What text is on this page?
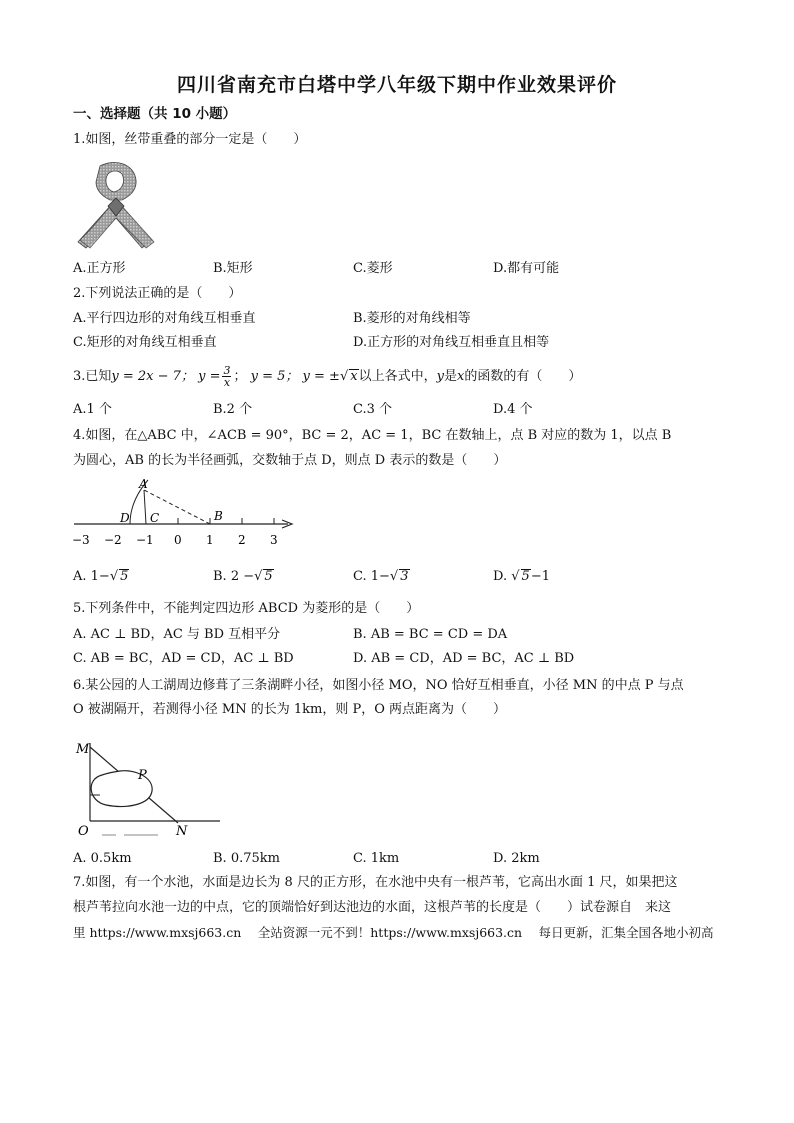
四川省南充市白塔中学八年级下期中作业效果评价
一、选择题（共 10 小题）
1.如图，丝带重叠的部分一定是（　　）
A.正方形	B.矩形	C.菱形	D.都有可能
2.下列说法正确的是（　　）
A.平行四边形的对角线互相垂直	B.菱形的对角线相等
C.矩形的对角线互相垂直	D.正方形的对角线互相垂直且相等
3.已知y = 2x − 7； $y = \frac{3}{x}$ ； y = 5； y = ±√ x以上各式中，y是x的函数的有（　　）
A.1 个	B.2 个	C.3 个	D.4 个
4.如图，在△ABC 中，∠ACB = 90°，BC = 2，AC = 1，BC 在数轴上，点 B 对应的数为 1，以点 B
为圆心，AB 的长为半径画弧，交数轴于点 D，则点 D 表示的数是（　　）
A
B
C
D
−3 −2 −1 0 1 2 3
A. 1−√ 5	B. 2 −√ 5	C. 1−√ 3	D. √ 5−1
5.下列条件中，不能判定四边形 ABCD 为菱形的是（　　）
A. AC ⊥ BD，AC 与 BD 互相平分	B. AB = BC = CD = DA
C. AB = BC，AD = CD，AC ⊥ BD	D. AB = CD，AD = BC，AC ⊥ BD
6.某公园的人工湖周边修葺了三条湖畔小径，如图小径 MO，NO 恰好互相垂直，小径 MN 的中点 P 与点
O 被湖隔开，若测得小径 MN 的长为 1km，则 P，O 两点距离为（　　）
M
P
O	N
A. 0.5km	B. 0.75km	C. 1km	D. 2km
7.如图，有一个水池，水面是边长为 8 尺的正方形，在水池中央有一根芦苇，它高出水面 1 尺，如果把这
根芦苇拉向水池一边的中点，它的顶端恰好到达池边的水面，这根芦苇的长度是（　　）试卷源自　来这
里 https://www.mxsj663.cn　 全站资源一元不到！https://www.mxsj663.cn　 每日更新，汇集全国各地小初高
